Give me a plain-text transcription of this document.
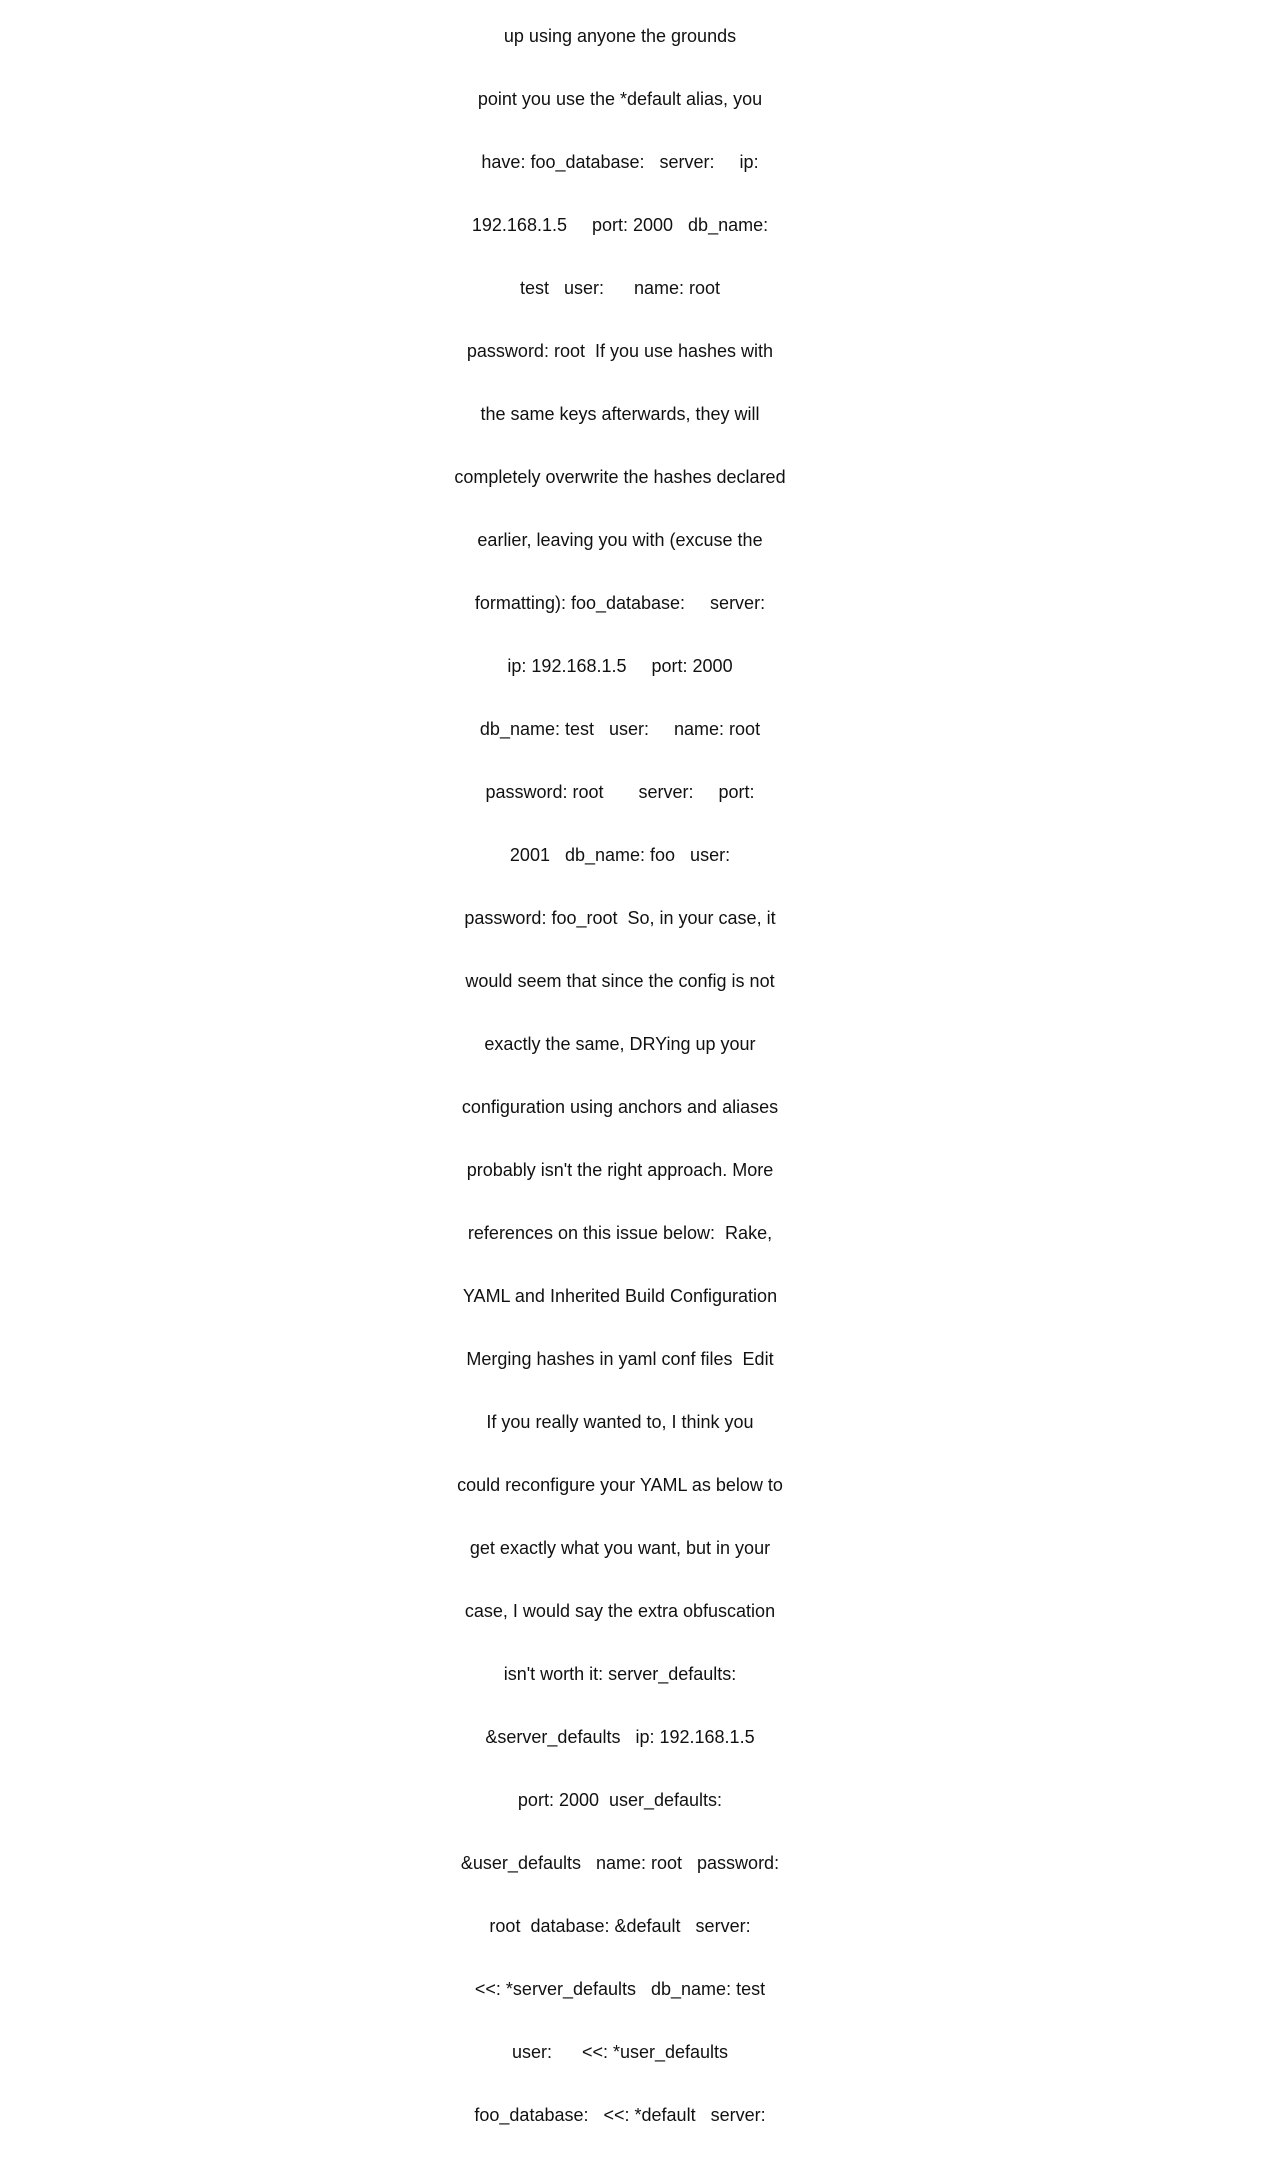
up using anyone the grounds

point you use the *default alias, you

have: foo_database:   server:     ip:

192.168.1.5     port: 2000   db_name:

test   user:      name: root

password: root  If you use hashes with

the same keys afterwards, they will

completely overwrite the hashes declared

earlier, leaving you with (excuse the

formatting): foo_database:     server:

ip: 192.168.1.5     port: 2000

db_name: test   user:     name: root

password: root       server:     port:

2001   db_name: foo   user:

password: foo_root  So, in your case, it

would seem that since the config is not

exactly the same, DRYing up your

configuration using anchors and aliases

probably isn't the right approach. More

references on this issue below:  Rake,

YAML and Inherited Build Configuration

Merging hashes in yaml conf files  Edit

If you really wanted to, I think you

could reconfigure your YAML as below to

get exactly what you want, but in your

case, I would say the extra obfuscation

isn't worth it: server_defaults:

&server_defaults   ip: 192.168.1.5

port: 2000  user_defaults:

&user_defaults   name: root   password:

root  database: &default   server:

<<: *server_defaults   db_name: test

user:      <<: *user_defaults

foo_database:   <<: *default   server:
